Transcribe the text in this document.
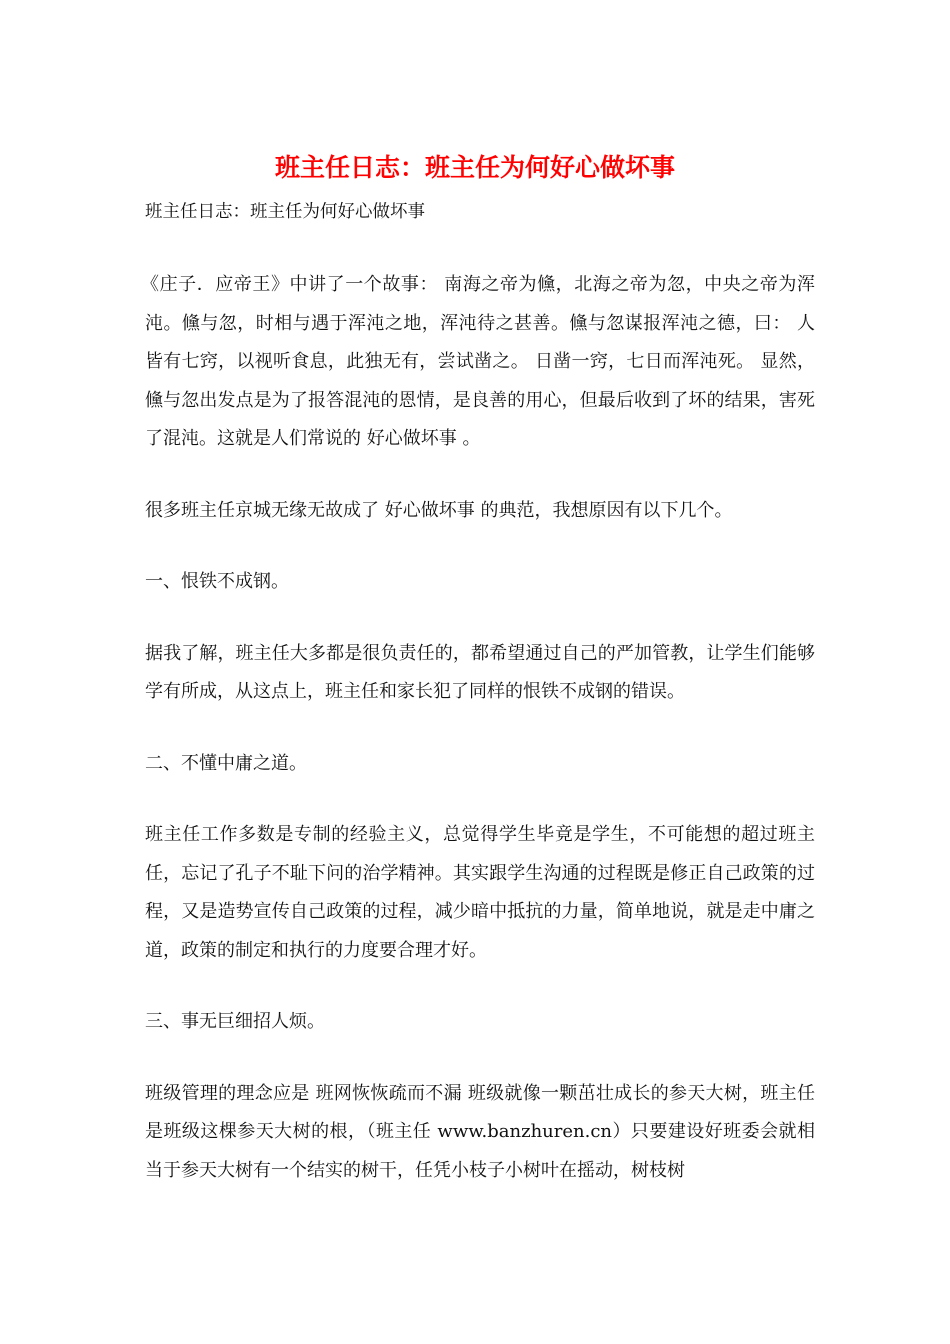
班主任日志：班主任为何好心做坏事

班主任日志：班主任为何好心做坏事

《庄子．应帝王》中讲了一个故事： 南海之帝为儵，北海之帝为忽，中央之帝为浑沌。儵与忽，时相与遇于浑沌之地，浑沌待之甚善。儵与忽谋报浑沌之德，曰： 人皆有七窍，以视听食息，此独无有，尝试凿之。 日凿一窍，七日而浑沌死。 显然，儵与忽出发点是为了报答混沌的恩情，是良善的用心，但最后收到了坏的结果，害死了混沌。这就是人们常说的 好心做坏事 。

很多班主任京城无缘无故成了 好心做坏事 的典范，我想原因有以下几个。

一、恨铁不成钢。

据我了解，班主任大多都是很负责任的，都希望通过自己的严加管教，让学生们能够学有所成，从这点上，班主任和家长犯了同样的恨铁不成钢的错误。

二、不懂中庸之道。

班主任工作多数是专制的经验主义，总觉得学生毕竟是学生，不可能想的超过班主任，忘记了孔子不耻下问的治学精神。其实跟学生沟通的过程既是修正自己政策的过程，又是造势宣传自己政策的过程，减少暗中抵抗的力量，简单地说，就是走中庸之道，政策的制定和执行的力度要合理才好。

三、事无巨细招人烦。

班级管理的理念应是 班网恢恢疏而不漏 班级就像一颗茁壮成长的参天大树，班主任是班级这棵参天大树的根，（班主任 www.banzhuren.cn）只要建设好班委会就相当于参天大树有一个结实的树干，任凭小枝子小树叶在摇动，树枝树
